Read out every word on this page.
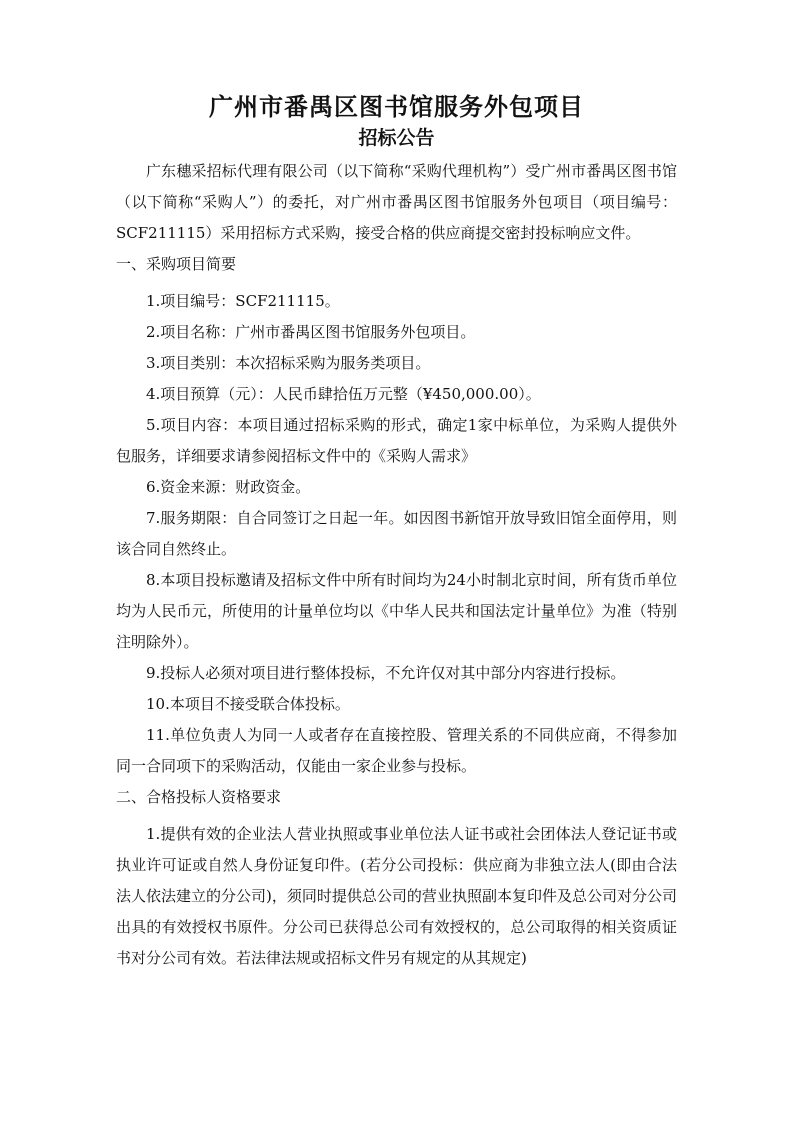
广州市番禺区图书馆服务外包项目
招标公告

广东穗采招标代理有限公司（以下简称“采购代理机构”）受广州市番禺区图书馆（以下简称“采购人”）的委托，对广州市番禺区图书馆服务外包项目（项目编号：SCF211115）采用招标方式采购，接受合格的供应商提交密封投标响应文件。

一、采购项目简要

1.项目编号：SCF211115。

2.项目名称：广州市番禺区图书馆服务外包项目。

3.项目类别：本次招标采购为服务类项目。

4.项目预算（元）：人民币肆拾伍万元整（¥450,000.00）。

5.项目内容：本项目通过招标采购的形式，确定1家中标单位，为采购人提供外包服务，详细要求请参阅招标文件中的《采购人需求》

6.资金来源：财政资金。

7.服务期限：自合同签订之日起一年。如因图书新馆开放导致旧馆全面停用，则该合同自然终止。

8.本项目投标邀请及招标文件中所有时间均为24小时制北京时间，所有货币单位均为人民币元，所使用的计量单位均以《中华人民共和国法定计量单位》为准（特别注明除外）。

9.投标人必须对项目进行整体投标，不允许仅对其中部分内容进行投标。

10.本项目不接受联合体投标。

11.单位负责人为同一人或者存在直接控股、管理关系的不同供应商，不得参加同一合同项下的采购活动，仅能由一家企业参与投标。

二、合格投标人资格要求

1.提供有效的企业法人营业执照或事业单位法人证书或社会团体法人登记证书或执业许可证或自然人身份证复印件。(若分公司投标：供应商为非独立法人(即由合法法人依法建立的分公司)，须同时提供总公司的营业执照副本复印件及总公司对分公司出具的有效授权书原件。分公司已获得总公司有效授权的，总公司取得的相关资质证书对分公司有效。若法律法规或招标文件另有规定的从其规定)
